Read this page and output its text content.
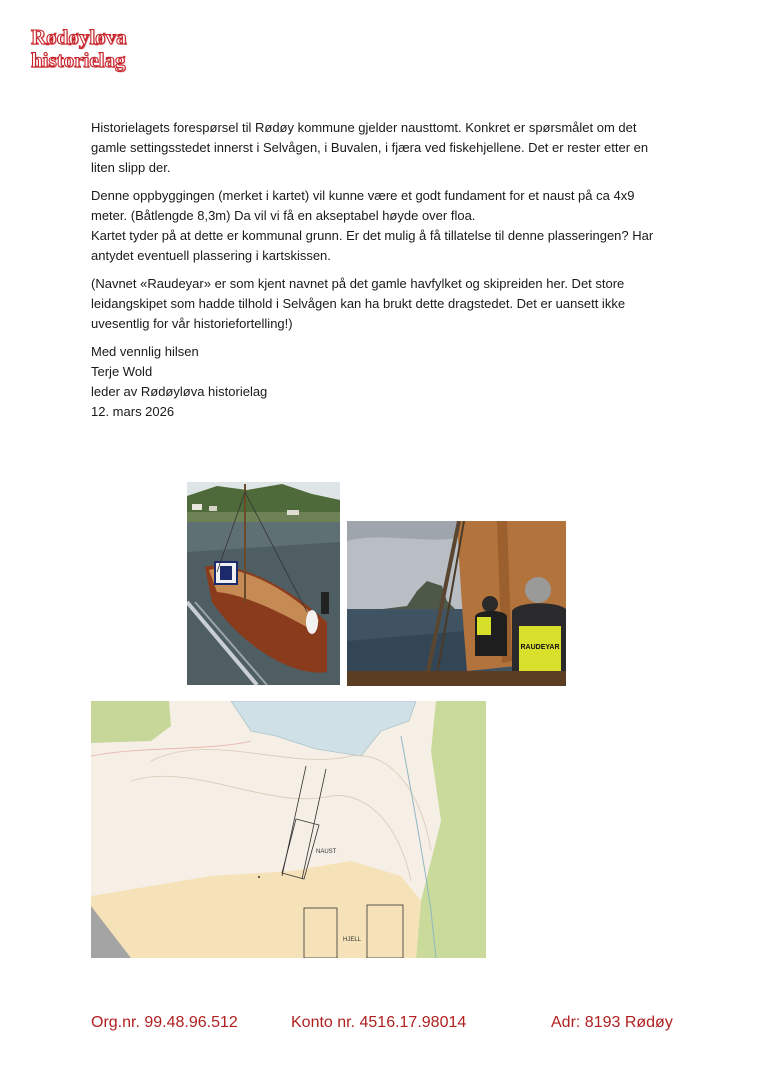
Rødøyløva
historielag

Historielagets forespørsel til Rødøy kommune gjelder nausttomt. Konkret er spørsmålet om det gamle settingsstedet innerst i Selvågen, i Buvalen, i fjæra ved fiskehjellene. Det er rester etter en liten slipp der.

Denne oppbyggingen (merket i kartet) vil kunne være et godt fundament for et naust på ca 4x9 meter. (Båtlengde 8,3m) Da vil vi få en akseptabel høyde over floa.

Kartet tyder på at dette er kommunal grunn. Er det mulig å få tillatelse til denne plasseringen? Har antydet eventuell plassering i kartskissen.

(Navnet «Raudeyar» er som kjent navnet på det gamle havfylket og skipreiden her. Det store leidangskipet som hadde tilhold i Selvågen kan ha brukt dette dragstedet. Det er uansett ikke uvesentlig for vår historiefortelling!)

Med vennlig hilsen
Terje Wold
leder av Rødøyløva historielag
12. mars 2026
RAUDEYAR
NAUST
HJELL
Org.nr. 99.48.96.512	Konto nr. 4516.17.98014	Adr: 8193 Rødøy
